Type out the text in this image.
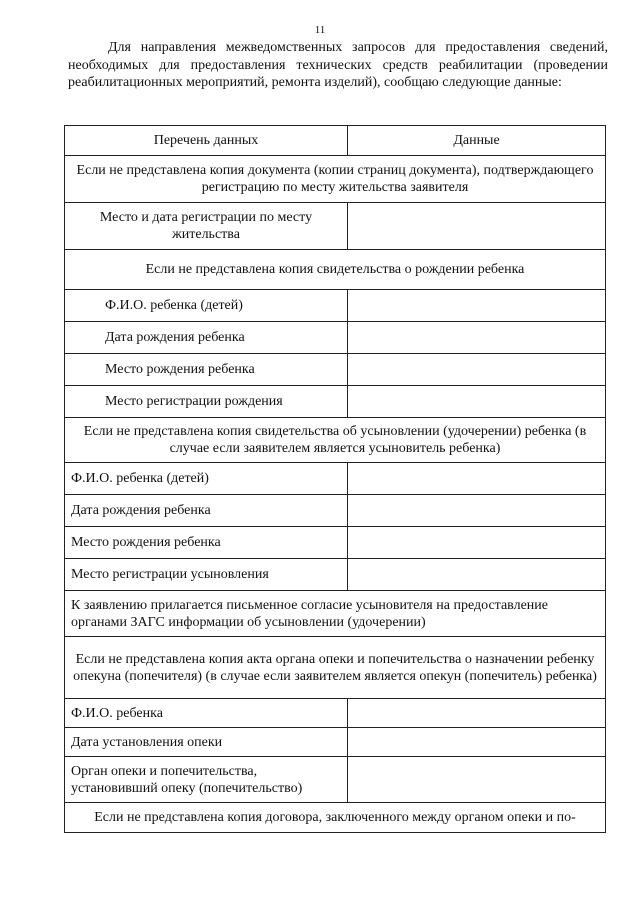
11

Для направления межведомственных запросов для предоставления сведений, необходимых для предоставления технических средств реабилитации (проведении реабилитационных мероприятий, ремонта изделий), сообщаю следующие данные:

Перечень данных	Данные
Если не представлена копия документа (копии страниц документа), подтверждающего регистрацию по месту жительства заявителя	
Место и дата регистрации по месту жительства	
Если не представлена копия свидетельства о рождении ребенка	
Ф.И.О. ребенка (детей)	
Дата рождения ребенка	
Место рождения ребенка	
Место регистрации рождения	
Если не представлена копия свидетельства об усыновлении (удочерении) ребенка (в случае если заявителем является усыновитель ребенка)	
Ф.И.О. ребенка (детей)	
Дата рождения ребенка	
Место рождения ребенка	
Место регистрации усыновления	
К заявлению прилагается письменное согласие усыновителя на предоставление органами ЗАГС информации об усыновлении (удочерении)	
Если не представлена копия акта органа опеки и попечительства о назначении ребенку опекуна (попечителя) (в случае если заявителем является опекун (попечитель) ребенка)	
Ф.И.О. ребенка	
Дата установления опеки	
Орган опеки и попечительства, установивший опеку (попечительство)	
Если не представлена копия договора, заключенного между органом опеки и по-	
